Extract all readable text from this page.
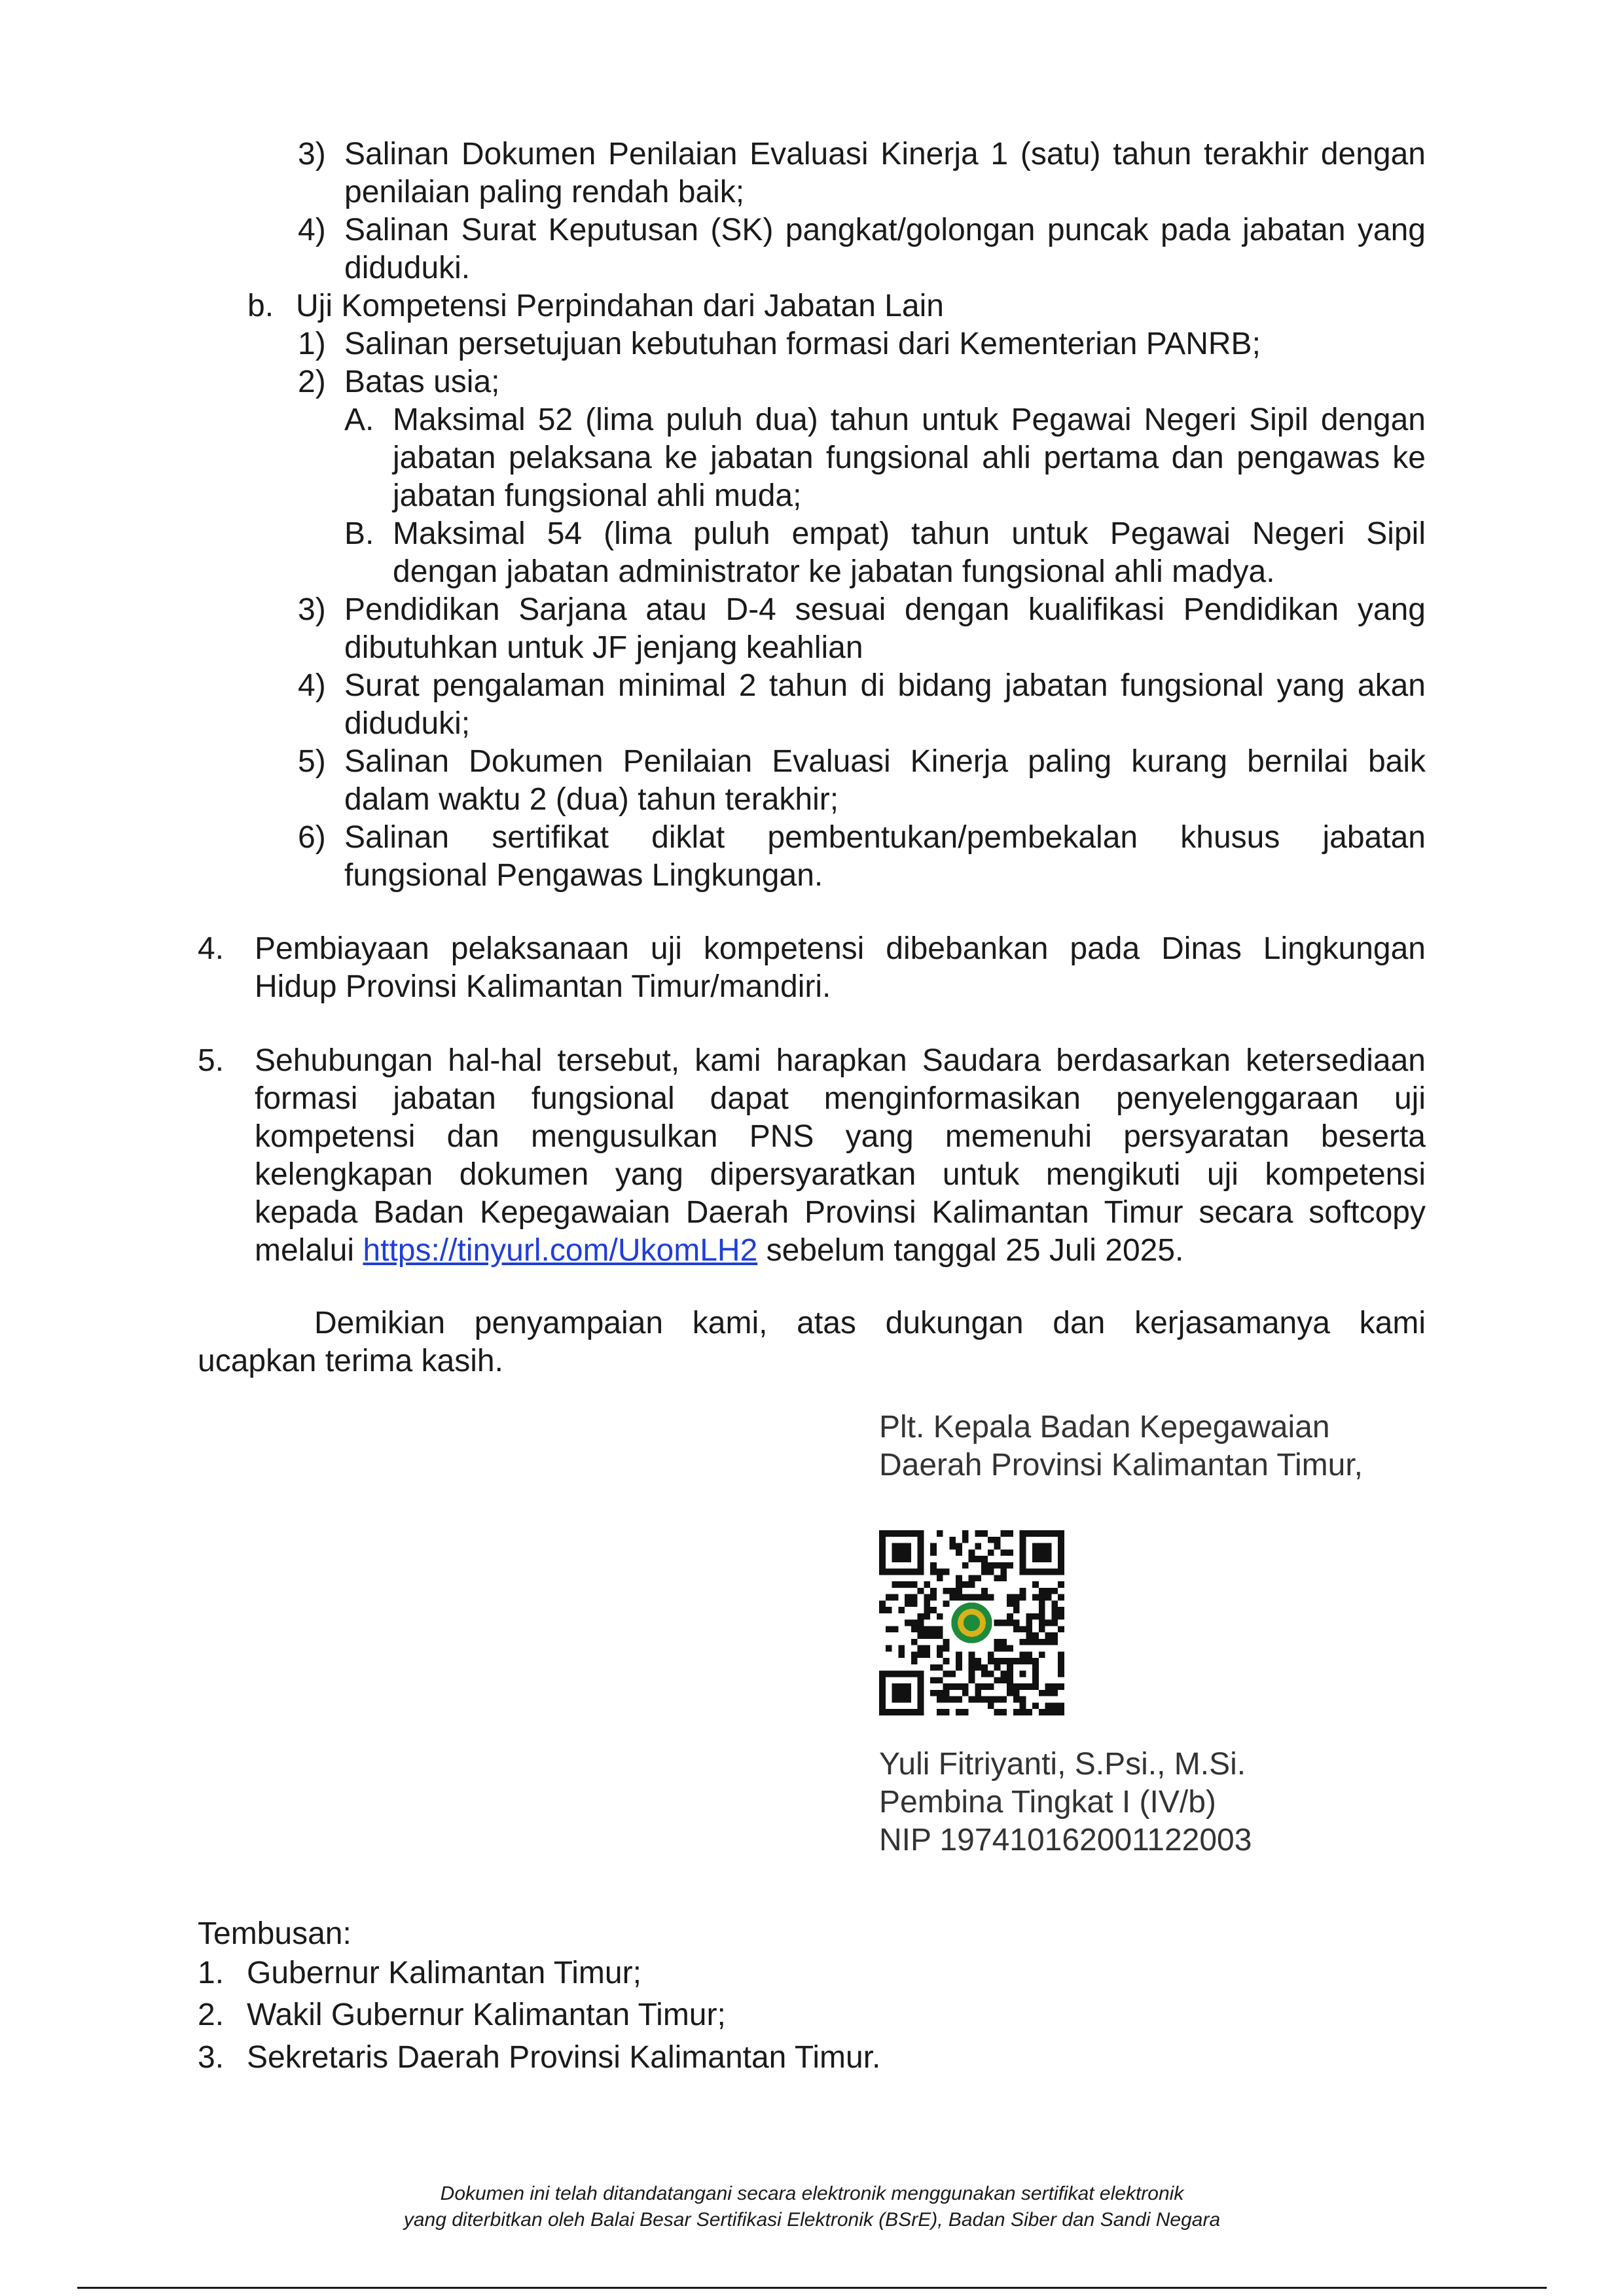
3) Salinan Dokumen Penilaian Evaluasi Kinerja 1 (satu) tahun terakhir dengan
penilaian paling rendah baik;
4) Salinan Surat Keputusan (SK) pangkat/golongan puncak pada jabatan yang
diduduki.
b. Uji Kompetensi Perpindahan dari Jabatan Lain
1) Salinan persetujuan kebutuhan formasi dari Kementerian PANRB;
2) Batas usia;
A. Maksimal 52 (lima puluh dua) tahun untuk Pegawai Negeri Sipil dengan
jabatan pelaksana ke jabatan fungsional ahli pertama dan pengawas ke
jabatan fungsional ahli muda;
B. Maksimal 54 (lima puluh empat) tahun untuk Pegawai Negeri Sipil
dengan jabatan administrator ke jabatan fungsional ahli madya.
3) Pendidikan Sarjana atau D-4 sesuai dengan kualifikasi Pendidikan yang
dibutuhkan untuk JF jenjang keahlian
4) Surat pengalaman minimal 2 tahun di bidang jabatan fungsional yang akan
diduduki;
5) Salinan Dokumen Penilaian Evaluasi Kinerja paling kurang bernilai baik
dalam waktu 2 (dua) tahun terakhir;
6) Salinan sertifikat diklat pembentukan/pembekalan khusus jabatan
fungsional Pengawas Lingkungan.
4. Pembiayaan pelaksanaan uji kompetensi dibebankan pada Dinas Lingkungan
Hidup Provinsi Kalimantan Timur/mandiri.
5. Sehubungan hal-hal tersebut, kami harapkan Saudara berdasarkan ketersediaan
formasi jabatan fungsional dapat menginformasikan penyelenggaraan uji
kompetensi dan mengusulkan PNS yang memenuhi persyaratan beserta
kelengkapan dokumen yang dipersyaratkan untuk mengikuti uji kompetensi
kepada Badan Kepegawaian Daerah Provinsi Kalimantan Timur secara softcopy
melalui https://tinyurl.com/UkomLH2 sebelum tanggal 25 Juli 2025.
Demikian penyampaian kami, atas dukungan dan kerjasamanya kami
ucapkan terima kasih.
Plt. Kepala Badan Kepegawaian
Daerah Provinsi Kalimantan Timur,
Yuli Fitriyanti, S.Psi., M.Si.
Pembina Tingkat I (IV/b)
NIP 197410162001122003
Tembusan:
1. Gubernur Kalimantan Timur;
2. Wakil Gubernur Kalimantan Timur;
3. Sekretaris Daerah Provinsi Kalimantan Timur.
Dokumen ini telah ditandatangani secara elektronik menggunakan sertifikat elektronik
yang diterbitkan oleh Balai Besar Sertifikasi Elektronik (BSrE), Badan Siber dan Sandi Negara
